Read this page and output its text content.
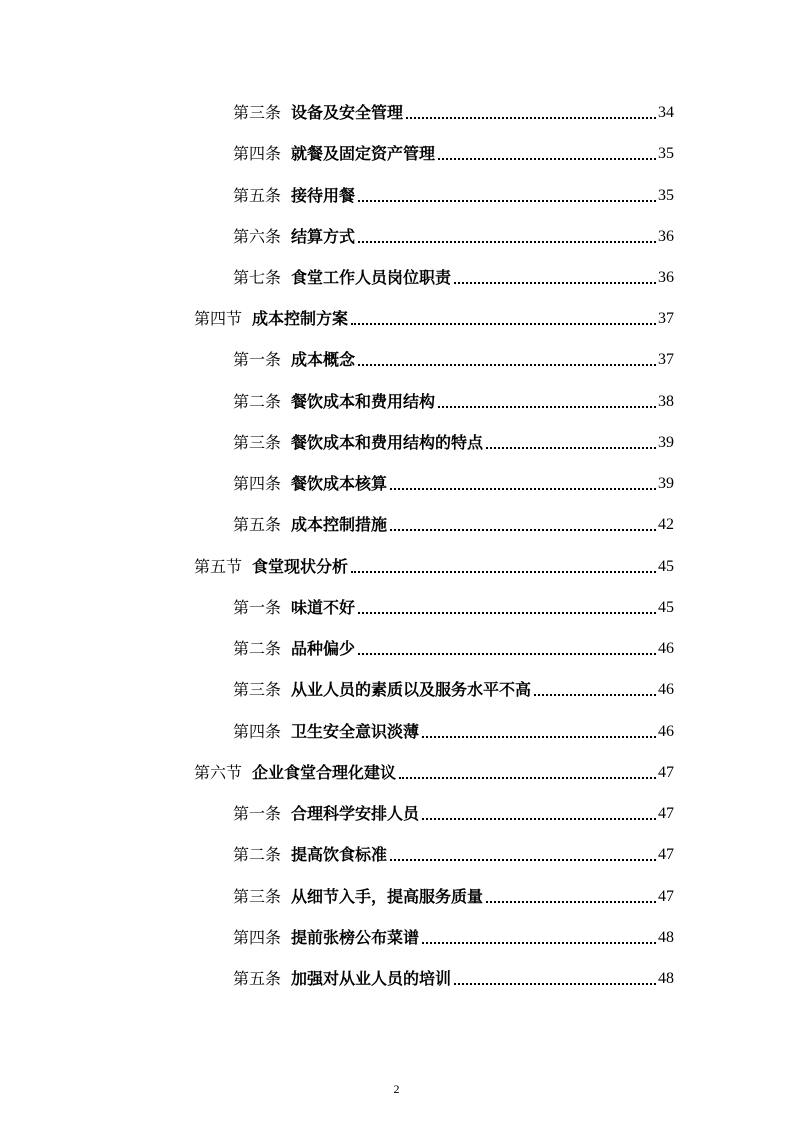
第三条 设备及安全管理	34
第四条 就餐及固定资产管理	35
第五条 接待用餐	35
第六条 结算方式	36
第七条 食堂工作人员岗位职责	36
第四节 成本控制方案	37
第一条 成本概念	37
第二条 餐饮成本和费用结构	38
第三条 餐饮成本和费用结构的特点	39
第四条 餐饮成本核算	39
第五条 成本控制措施	42
第五节 食堂现状分析	45
第一条 味道不好	45
第二条 品种偏少	46
第三条 从业人员的素质以及服务水平不高	46
第四条 卫生安全意识淡薄	46
第六节 企业食堂合理化建议	47
第一条 合理科学安排人员	47
第二条 提高饮食标准	47
第三条 从细节入手，提高服务质量	47
第四条 提前张榜公布菜谱	48
第五条 加强对从业人员的培训	48
2
